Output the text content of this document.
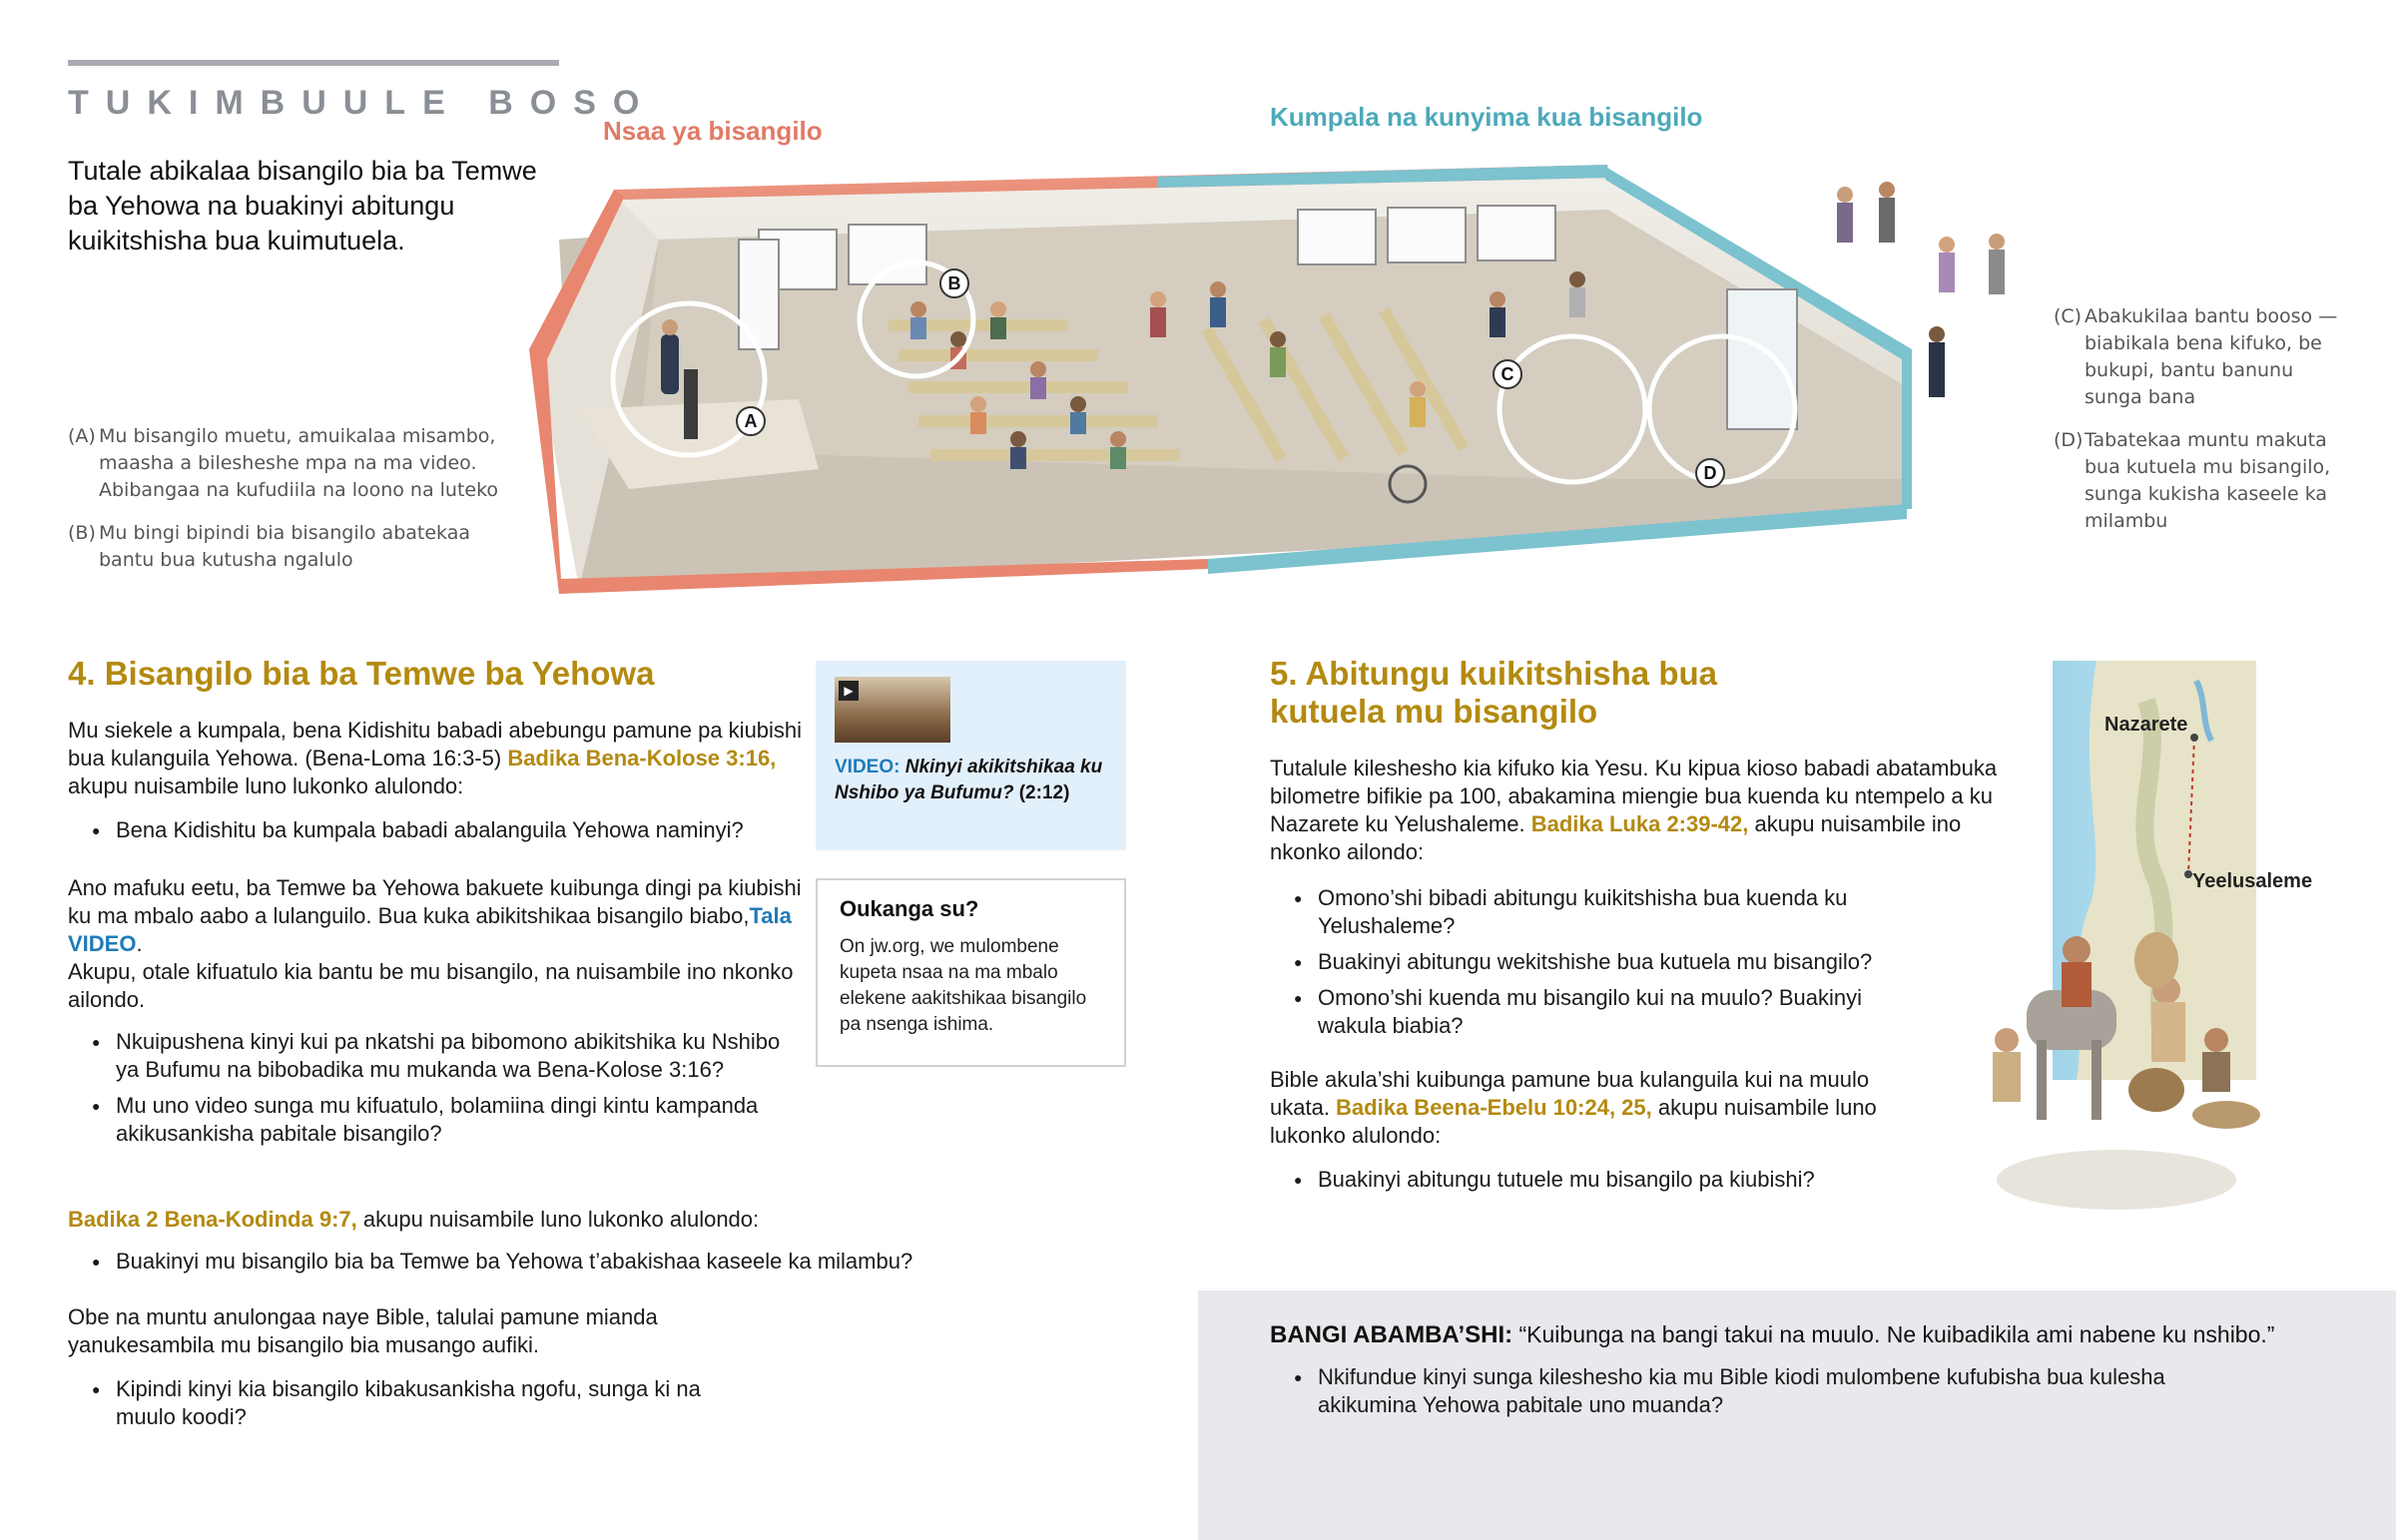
TUKIMBUULE BOSO
Tutale abikalaa bisangilo bia ba Temwe ba Yehowa na buakinyi abitungu kuikitshisha bua kuimutuela.
Nsaa ya bisangilo	Kumpala na kunyima kua bisangilo
A
B
C
D
(A) Mu bisangilo muetu, amuikalaa misambo, maasha a bilesheshe mpa na ma video. Abibangaa na kufudiila na loono na luteko
(B) Mu bingi bipindi bia bisangilo abatekaa bantu bua kutusha ngalulo
(C) Abakukilaa bantu booso —biabikala bena kifuko, be bukupi, bantu banunu sunga bana
(D) Tabatekaa muntu makuta bua kutuela mu bisangilo, sunga kukisha kaseele ka milambu
4. Bisangilo bia ba Temwe ba Yehowa
Mu siekele a kumpala, bena Kidishitu babadi abebungu pamune pa kiubishi bua kulanguila Yehowa. (Bena-Loma 16:3-5) Badika Bena-Kolose 3:16, akupu nuisambile luno lukonko alulondo:
● Bena Kidishitu ba kumpala babadi abalanguila Yehowa naminyi?
Ano mafuku eetu, ba Temwe ba Yehowa bakuete kuibunga dingi pa kiubishi ku ma mbalo aabo a lulanguilo. Bua kuka abikitshikaa bisangilo biabo,Tala VIDEO.
Akupu, otale kifuatulo kia bantu be mu bisangilo, na nuisambile ino nkonko ailondo.
● Nkuipushena kinyi kui pa nkatshi pa bibomono abikitshika ku Nshibo ya Bufumu na bibobadika mu mukanda wa Bena-Kolose 3:16?
● Mu uno video sunga mu kifuatulo, bolamiina dingi kintu kampanda akikusankisha pabitale bisangilo?
Badika 2 Bena-Kodinda 9:7, akupu nuisambile luno lukonko alulondo:
● Buakinyi mu bisangilo bia ba Temwe ba Yehowa t’abakishaa kaseele ka milambu?
Obe na muntu anulongaa naye Bible, talulai pamune mianda yanukesambila mu bisangilo bia musango aufiki.
● Kipindi kinyi kia bisangilo kibakusankisha ngofu, sunga ki na muulo koodi?
▶
VIDEO: Nkinyi akikitshikaa ku Nshibo ya Bufumu? (2:12)
Oukanga su?
On jw.org, we mulombene kupeta nsaa na ma mbalo elekene aakitshikaa bisangilo pa nsenga ishima.
5. Abitungu kuikitshisha bua
kutuela mu bisangilo
Tutalule kileshesho kia kifuko kia Yesu. Ku kipua kioso babadi abatambuka bilometre bifikie pa 100, abakamina miengie bua kuenda ku ntempelo a ku Nazarete ku Yelushaleme. Badika Luka 2:39-42, akupu nuisambile ino nkonko ailondo:
● Omono’shi bibadi abitungu kuikitshisha bua kuenda ku Yelushaleme?
● Buakinyi abitungu wekitshishe bua kutuela mu bisangilo?
● Omono’shi kuenda mu bisangilo kui na muulo? Buakinyi wakula biabia?
Bible akula’shi kuibunga pamune bua kulanguila kui na muulo ukata. Badika Beena-Ebelu 10:24, 25, akupu nuisambile luno lukonko alulondo:
● Buakinyi abitungu tutuele mu bisangilo pa kiubishi?
Nazarete
Yeelusaleme
BANGI ABAMBA’SHI: “Kuibunga na bangi takui na muulo. Ne kuibadikila ami nabene ku nshibo.”
● Nkifundue kinyi sunga kileshesho kia mu Bible kiodi mulombene kufubisha bua kulesha akikumina Yehowa pabitale uno muanda?
